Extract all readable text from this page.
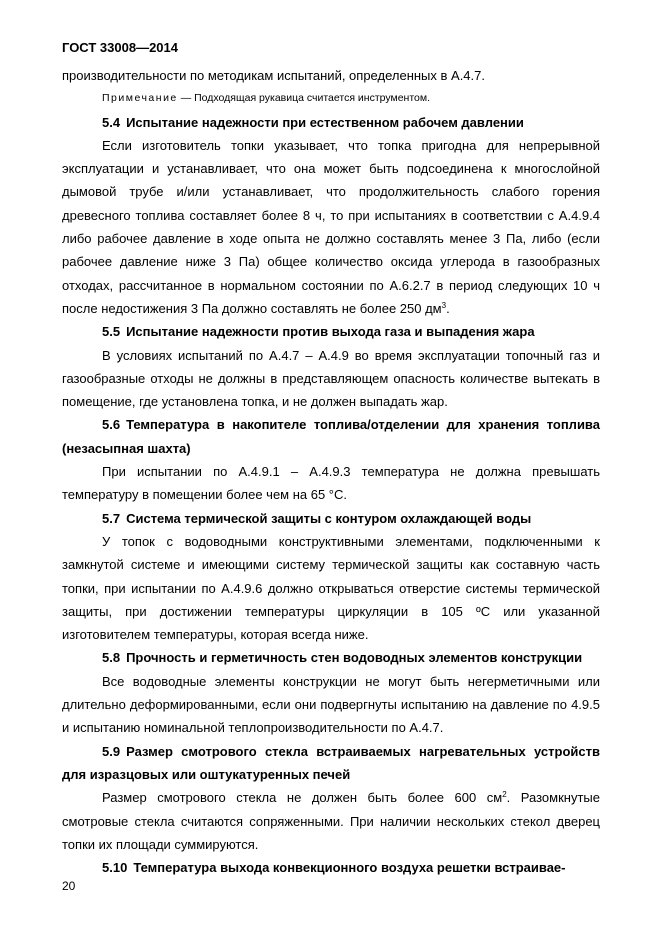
ГОСТ 33008—2014

производительности по методикам испытаний, определенных в А.4.7.

Примечание — Подходящая рукавица считается инструментом.

5.4 Испытание надежности при естественном рабочем давлении

Если изготовитель топки указывает, что топка пригодна для непрерывной эксплуатации и устанавливает, что она может быть подсоединена к многослойной дымовой трубе и/или устанавливает, что продолжительность слабого горения древесного топлива составляет более 8 ч, то при испытаниях в соответствии с А.4.9.4 либо рабочее давление в ходе опыта не должно составлять менее 3 Па, либо (если рабочее давление ниже 3 Па) общее количество оксида углерода в газообразных отходах, рассчитанное в нормальном состоянии по А.6.2.7 в период следующих 10 ч после недостижения 3 Па должно составлять не более 250 $дм^3$.

5.5 Испытание надежности против выхода газа и выпадения жара

В условиях испытаний по А.4.7 – А.4.9 во время эксплуатации топочный газ и газообразные отходы не должны в представляющем опасность количестве вытекать в помещение, где установлена топка, и не должен выпадать жар.

5.6 Температура в накопителе топлива/отделении для хранения топлива (незасыпная шахта)

При испытании по А.4.9.1 – А.4.9.3 температура не должна превышать температуру в помещении более чем на 65 °С.

5.7 Система термической защиты с контуром охлаждающей воды

У топок с водоводными конструктивными элементами, подключенными к замкнутой системе и имеющими систему термической защиты как составную часть топки, при испытании по А.4.9.6 должно открываться отверстие системы термической защиты, при достижении температуры циркуляции в 105 ºС или указанной изготовителем температуры, которая всегда ниже.

5.8 Прочность и герметичность стен водоводных элементов конструкции

Все водоводные элементы конструкции не могут быть негерметичными или длительно деформированными, если они подвергнуты испытанию на давление по 4.9.5 и испытанию номинальной теплопроизводительности по А.4.7.

5.9 Размер смотрового стекла встраиваемых нагревательных устройств для изразцовых или оштукатуренных печей

Размер смотрового стекла не должен быть более 600 $см^2$. Разомкнутые смотровые стекла считаются сопряженными. При наличии нескольких стекол дверец топки их площади суммируются.

5.10 Температура выхода конвекционного воздуха решетки встраивае-
20
